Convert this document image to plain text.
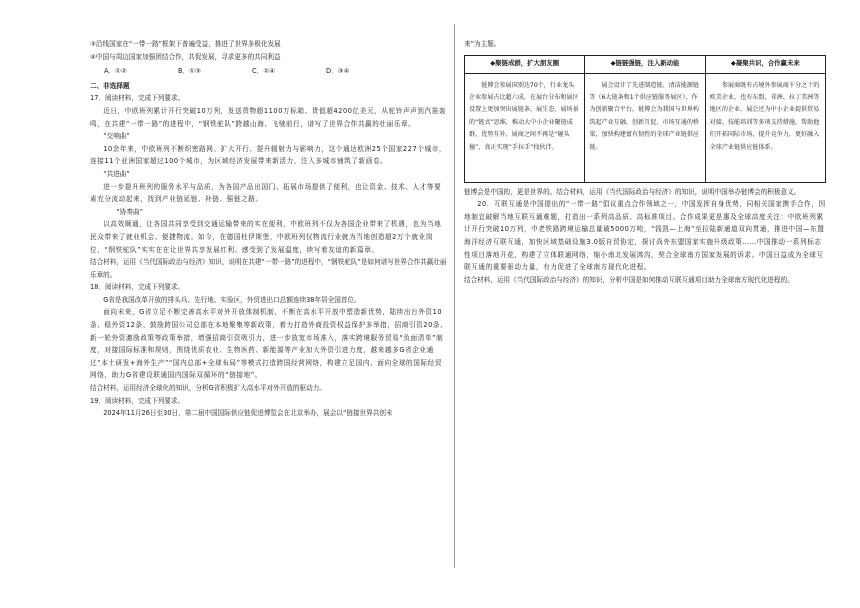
③沿线国家在“一带一路”框架下普遍受益，推进了世界多极化发展

④中国与周边国家加强团结合作，共促发展，寻求更多的共同利益

A．①②	B．①③	C．②④	D．③④

二、非选择题

17．阅读材料，完成下列要求。

近日，中欧班列累计开行突破10万列，发送货物超1100万标箱、货值超4200亿美元，从驼铃声声到汽笛轰鸣，在共建“一带一路”的进程中，“钢铁驼队”跨越山海、飞驰前行，谱写了世界合作共赢的壮丽乐章。

“交响曲”

10余年来，中欧班列不断织密路网、扩大开行、提升辐射力与影响力，这个通达欧洲25个国家227个城市，连接11个亚洲国家超过100个城市，为区域经济发展带来新活力，注入多城市铺筑了新画卷。

“共进曲”

进一步提升班列的服务水平与品质，为各国产品出国门、拓展市场提供了便利，也让资金、技术、人才等要素充分流动起来，找到产业链延链、补链、强链之路。

“协奏曲”

以高效顺通，让各国共同享受到交通运输带来的实在便利，中欧班列不仅为各国企业带来了机遇，也为当地民众带来了就业机会、便捷物流。如今，在德国杜伊斯堡，中欧班列仅物流行业就为当地创造超2万个就业岗位，“钢铁驼队”实实在在让世界共享发展红利、感受到了发展温度，续写着友谊的新篇章。

结合材料，运用《当代国际政治与经济》知识，说明在共建“一带一路”的进程中，“钢铁驼队”是如何谱写世界合作共赢壮丽乐章的。

18．阅读材料，完成下列要求。

G省是我国改革开放的排头兵、先行地、实验区，外贸进出口总额连续38年居全国首位。

面向未来，G省立足不断完善高水平对外开放体制机制，不断在高水平开放中塑造新优势，陆续出台外资10条、稳外资12条、鼓励跨国公司总部在本地聚集等新政策，着力打造外商投资权益保护多举措，招商引资20条、新一轮外资激励政策等政策举措，增强招商引资吸引力，进一步放宽市场准入，落实跨境服务贸易“负面清单”制度，对接国际标准和规则，围绕优质农业、生物医药、新能源等产业加大外资引进力度，越来越多G省企业通过“本土研发+海外生产”“国内总部+全球布局”等模式打造跨国经营网络，构建立足国内、面向全球的国际经贸网络，助力G省建设联通国内国际双循环的“链接地”。

结合材料，运用经济全球化的知识，分析G省积极扩大高水平对外开放的驱动力。

19．阅读材料，完成下列要求。

2024年11月26日至30日，第二届中国国际供应链促进博览会在北京举办，展会以“链接世界共创未

来”为主题。

◆聚链成群，扩大朋友圈	◆链链强链，注入新动能	◆凝聚共识，合作赢未来
链博会参展国别达70个，行业龙头企业参展占比超六成，在展台分布和展区设置上更加突出展链条、展生态、展场景的“链式”思维，推动大中小企业聚链成群，优势互补，展商之间不再是“碰头撞”，真正实现“手拉手”找伙伴。	展会设计了先进制造链、清洁能源链等（6大链条和1个供应链服务展区），作为创新聚合平台，链博会为我国与世界构筑起产业互融、创新互促、市场互通的桥梁，加快构建富有韧性的全球产业链供应链。	参展商既有占境外参展商千分之十的欧美企业，也有东盟、非洲、拉丁美洲等地区的企业，展会还为中小企业提供贸易对接、技能培训等多项支持措施，帮助他们开拓国际市场，提升竞争力，更好融入全球产业链供应链体系。

链博会是中国的，更是世界的。结合材料，运用《当代国际政治与经济》的知识，说明中国举办链博会的积极意义。

20．互联互通是中国提出的“一带一路”倡议重点合作领域之一，中国发挥自身优势，同相关国家携手合作，因地制宜破解当地互联互通难题，打造出一系列高品质、高标准项目。合作成果更是惠及全球高度关注：中欧班列累计开行突破10万列，中老铁路跨境运输总量破5000万吨，“钱凯—上海”至拉陆新通道双向贯通，推进中国—东盟海洋经济互联互通，加快区域基础设施3.0版自贸协定，探讨尚外东盟国家实施升级政策……中国推动一系列标志性项目落地开花，构建了立体联通网络，缩小南北发展鸿沟，契合全球南方国家发展的诉求。中国日益成为全球互联互通的重要驱动力量，有力促进了全球南方现代化进程。

结合材料，运用《当代国际政治与经济》的知识，分析中国是如何推动互联互通项目助力全球南方现代化进程的。
